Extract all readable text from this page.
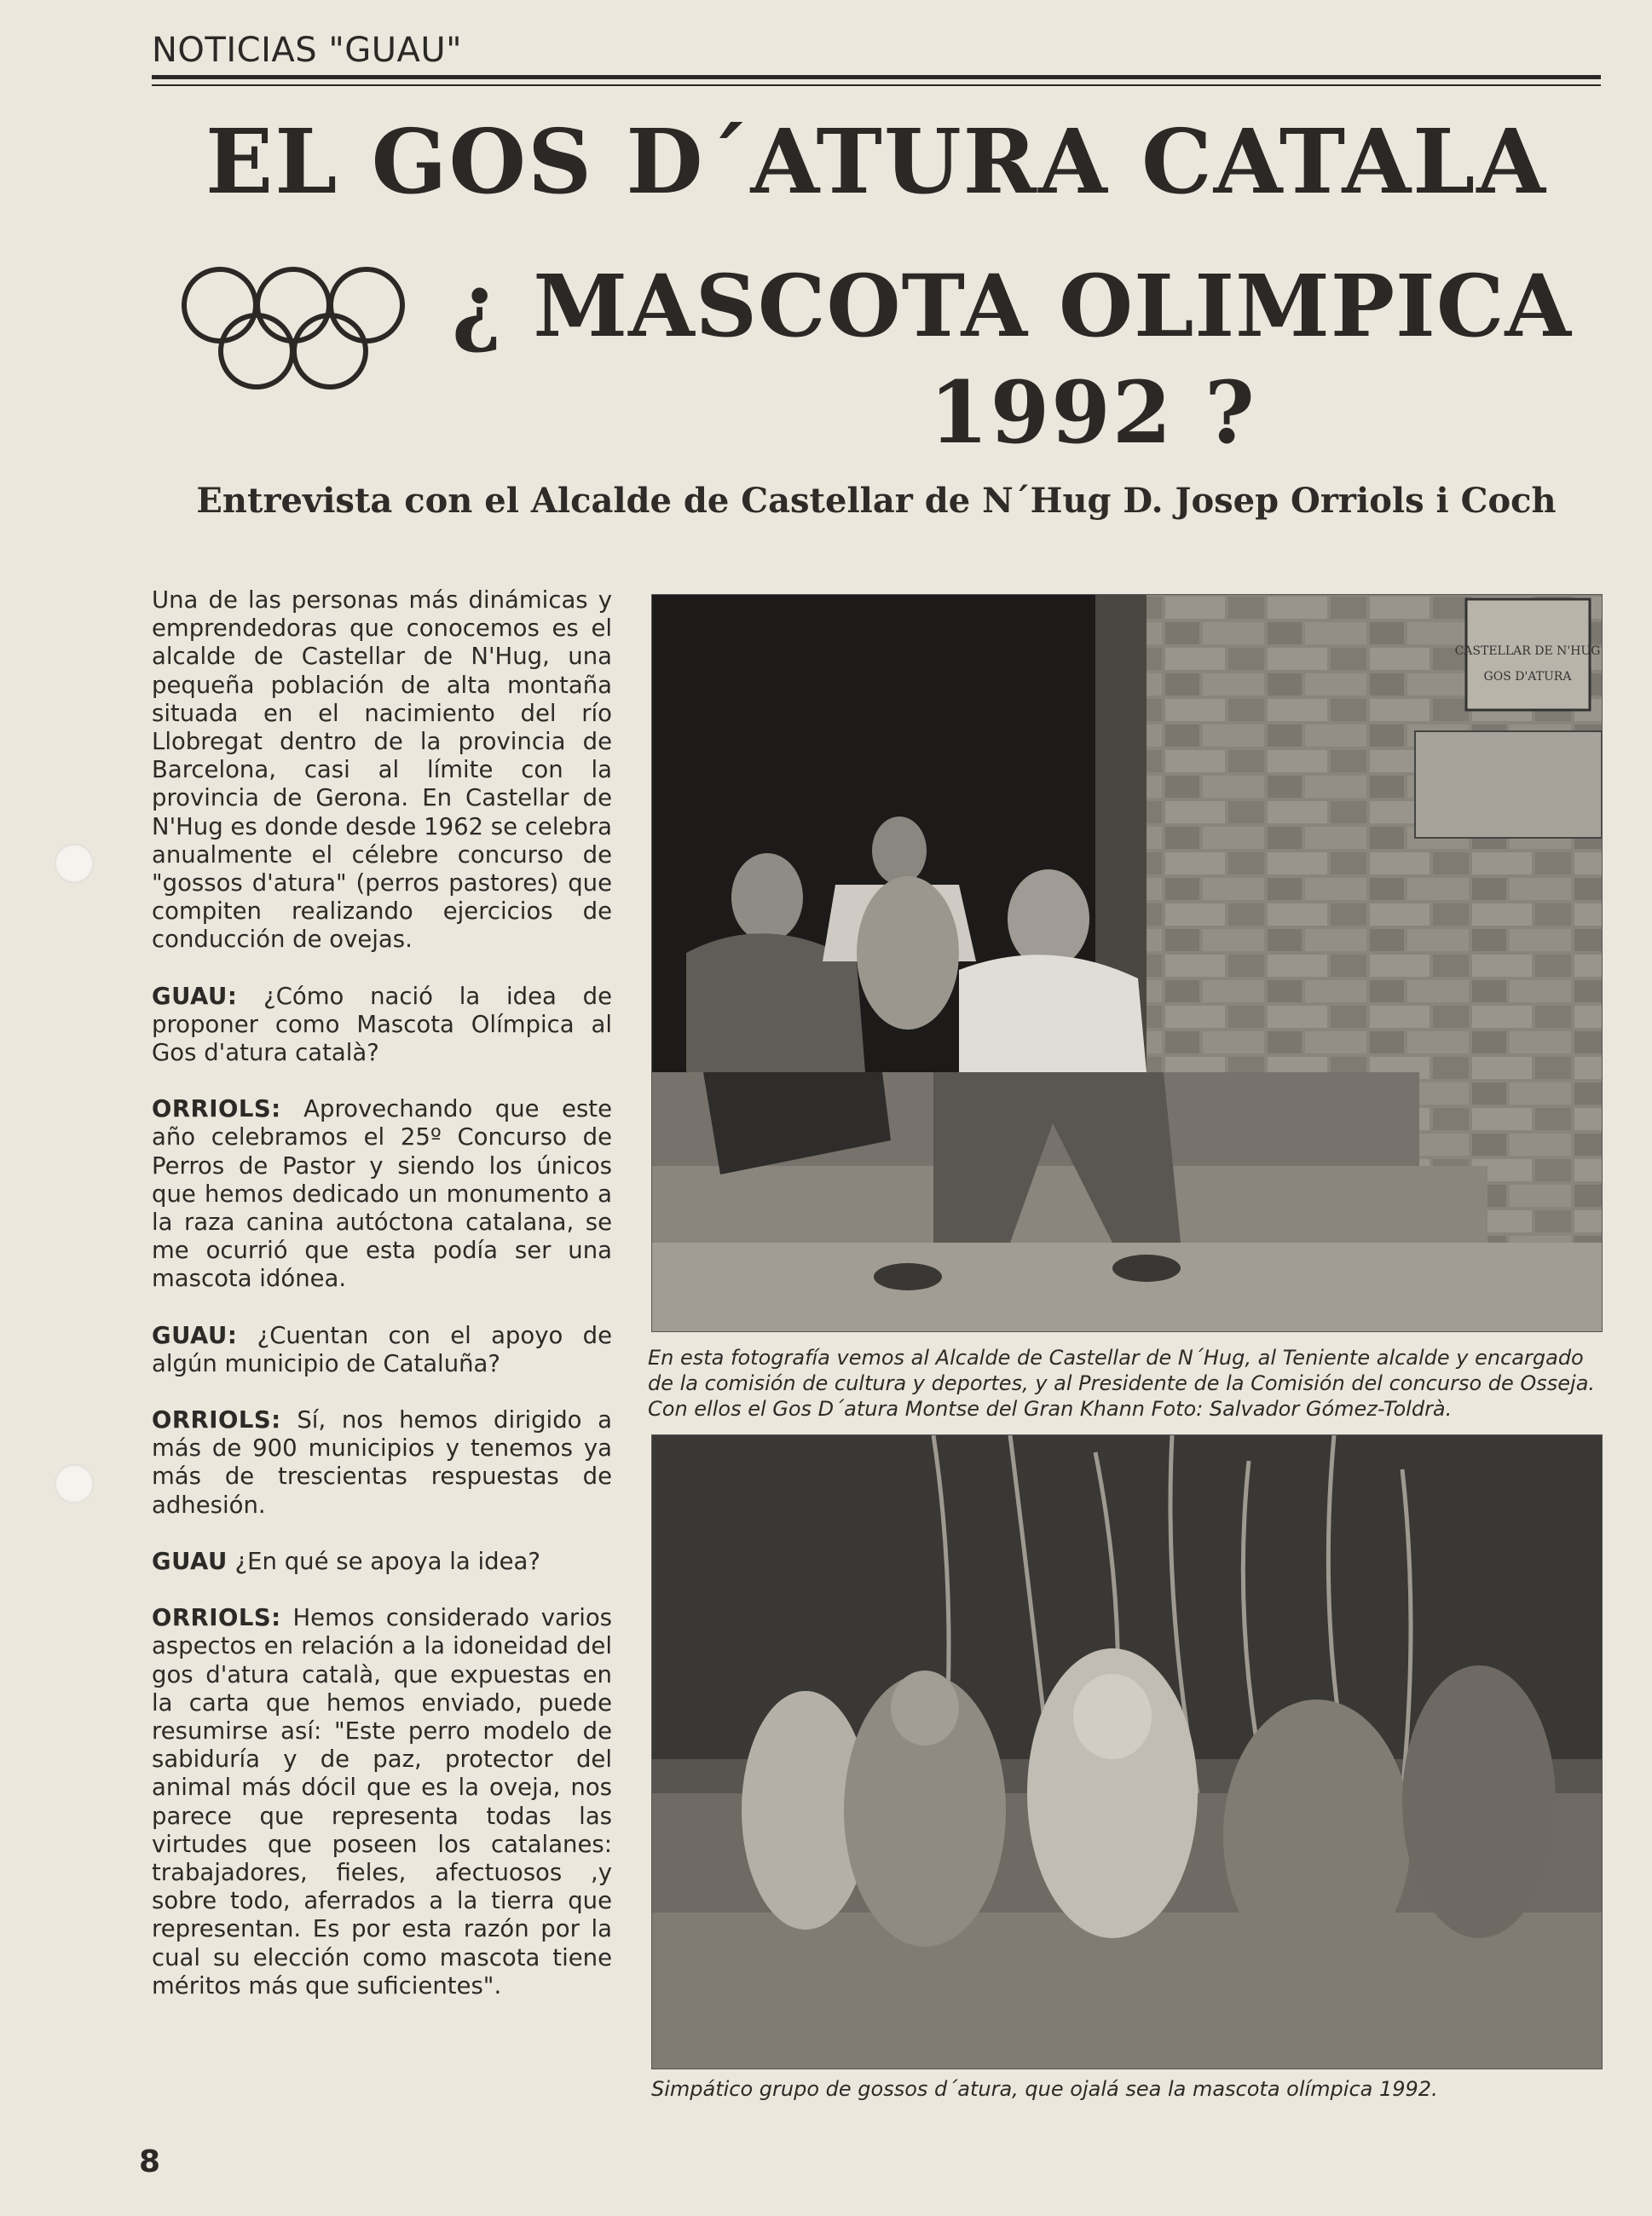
NOTICIAS "GUAU"
EL GOS D´ATURA CATALA
¿ MASCOTA OLIMPICA
1992 ?
Entrevista con el Alcalde de Castellar de N´Hug D. Josep Orriols i Coch

Una de las personas más dinámicas y emprendedoras que conocemos es el alcalde de Castellar de N'Hug, una pequeña población de alta montaña situada en el nacimiento del río Llobregat dentro de la provincia de Barcelona, casi al límite con la provincia de Gerona. En Castellar de N'Hug es donde desde 1962 se celebra anualmente el célebre concurso de "gossos d'atura" (perros pastores) que compiten realizando ejercicios de conducción de ovejas.

GUAU: ¿Cómo nació la idea de proponer como Mascota Olímpica al Gos d'atura català?

ORRIOLS: Aprovechando que este año celebramos el 25º Concurso de Perros de Pastor y siendo los únicos que hemos dedicado un monumento a la raza canina autóctona catalana, se me ocurrió que esta podía ser una mascota idónea.

GUAU: ¿Cuentan con el apoyo de algún municipio de Cataluña?

ORRIOLS: Sí, nos hemos dirigido a más de 900 municipios y tenemos ya más de trescientas respuestas de adhesión.

GUAU ¿En qué se apoya la idea?

ORRIOLS: Hemos considerado varios aspectos en relación a la idoneidad del gos d'atura català, que expuestas en la carta que hemos enviado, puede resumirse así: "Este perro modelo de sabiduría y de paz, protector del animal más dócil que es la oveja, nos parece que representa todas las virtudes que poseen los catalanes: trabajadores, fieles, afectuosos ,y sobre todo, aferrados a la tierra que representan. Es por esta razón por la cual su elección como mascota tiene méritos más que suficientes".

CASTELLAR DE N'HUG
GOS D'ATURA
En esta fotografía vemos al Alcalde de Castellar de N´Hug, al Teniente alcalde y encargado de la comisión de cultura y deportes, y al Presidente de la Comisión del concurso de Osseja. Con ellos el Gos D´atura Montse del Gran Khann Foto: Salvador Gómez-Toldrà.
Simpático grupo de gossos d´atura, que ojalá sea la mascota olímpica 1992.
8
